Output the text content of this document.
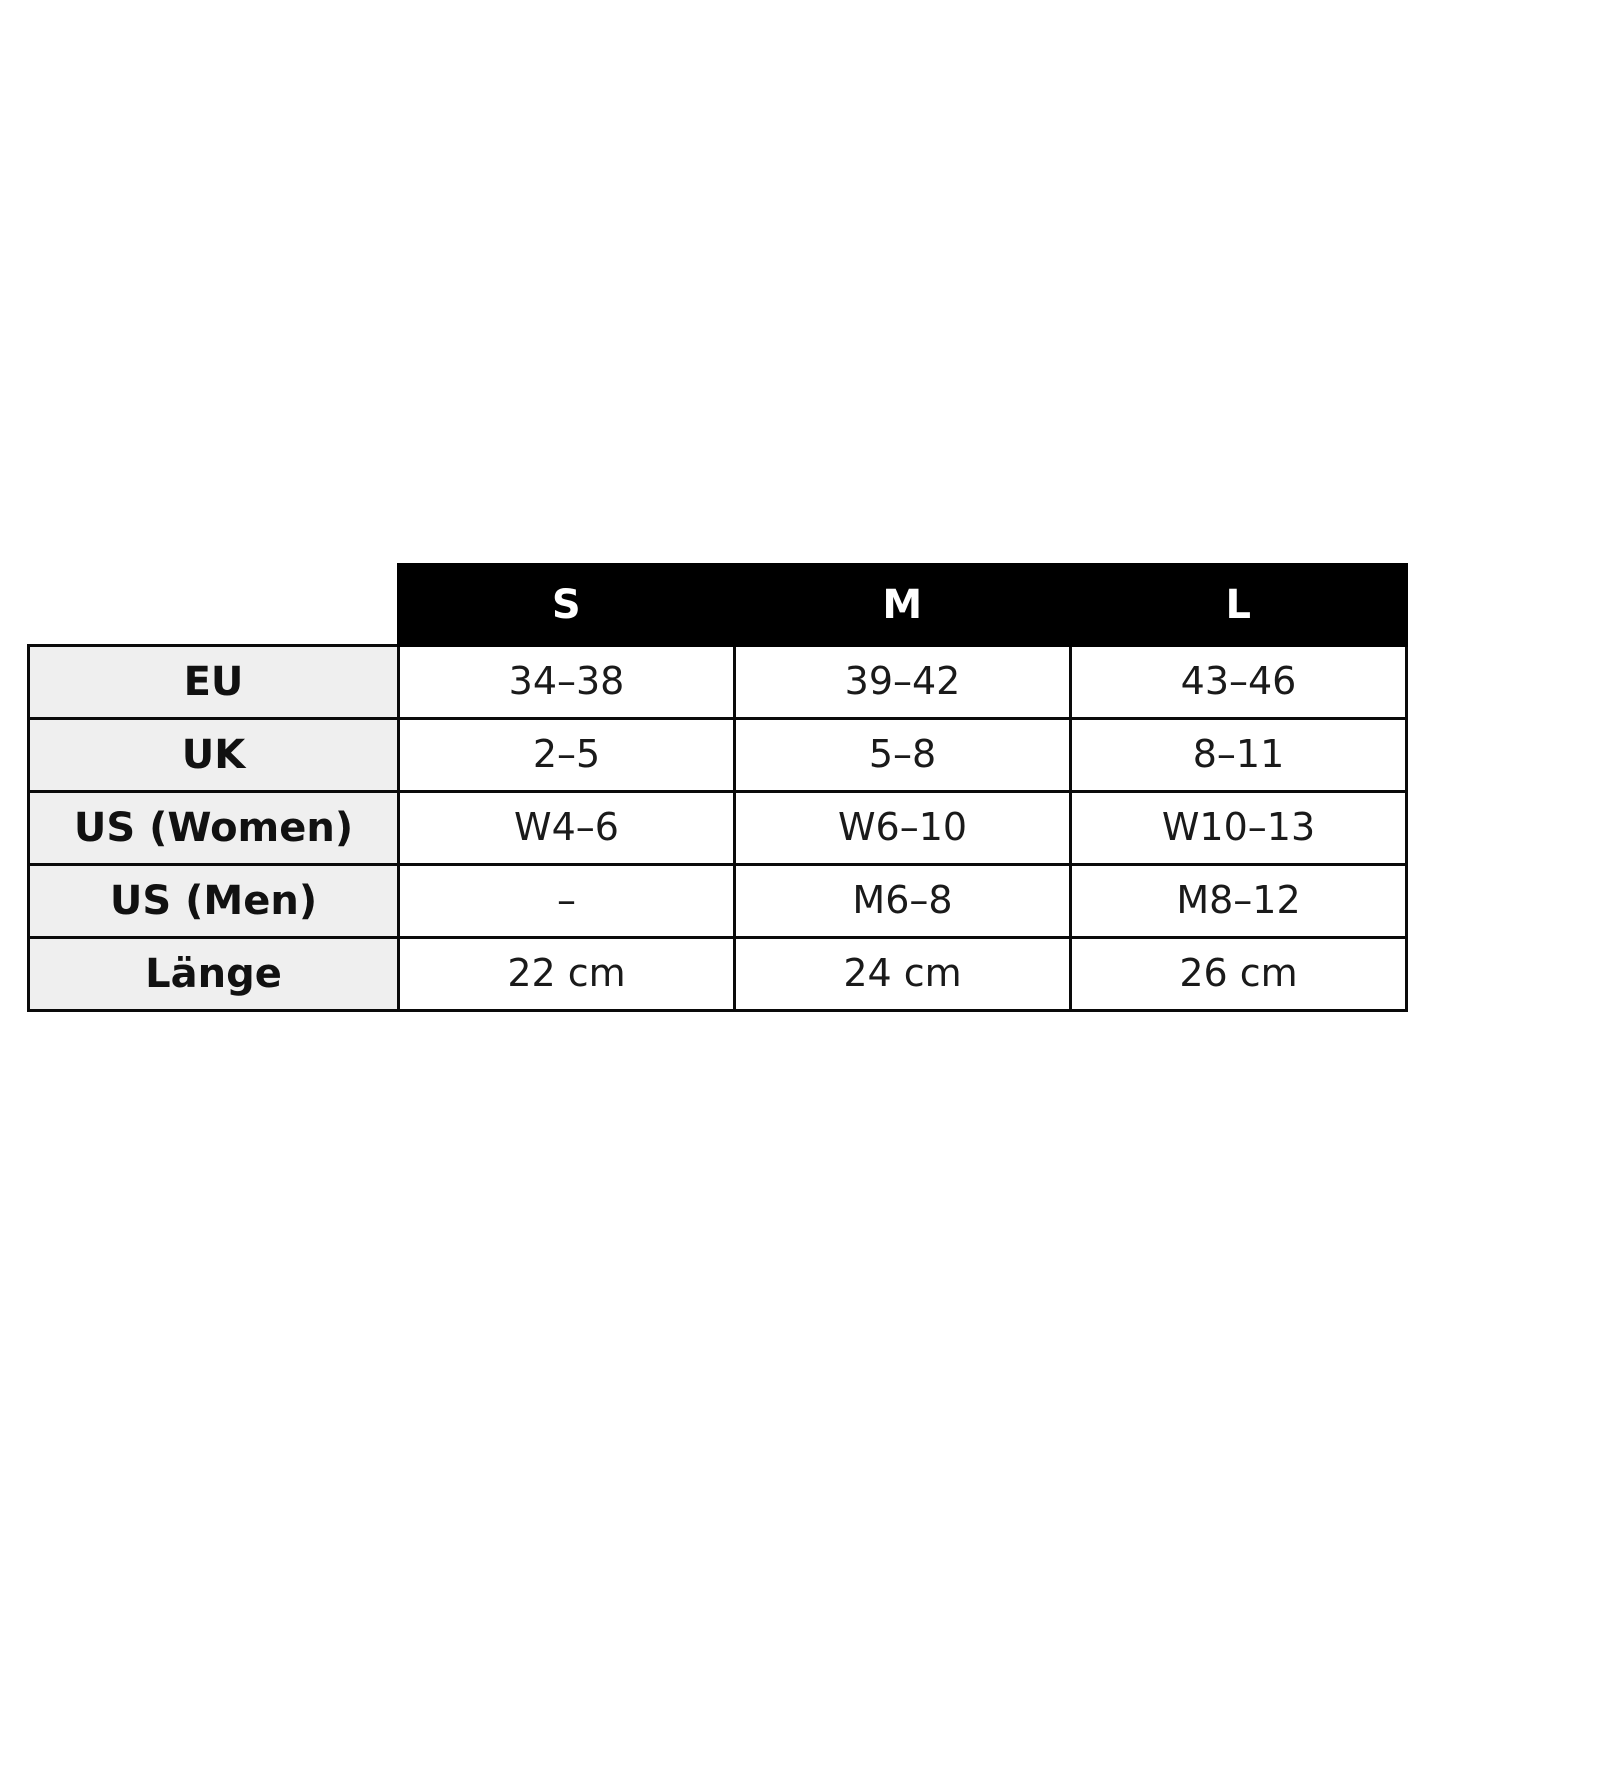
	S	M	L
EU	34–38	39–42	43–46
UK	2–5	5–8	8–11
US (Women)	W4–6	W6–10	W10–13
US (Men)	–	M6–8	M8–12
Länge	22 cm	24 cm	26 cm
